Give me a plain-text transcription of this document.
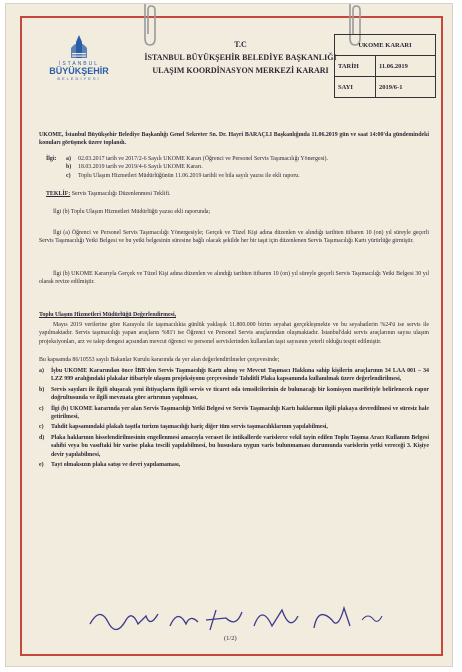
İSTANBUL
BÜYÜKŞEHİR
BELEDİYESİ
T.C
İSTANBUL BÜYÜKŞEHİR BELEDİYE BAŞKANLIĞI
ULAŞIM KOORDİNASYON MERKEZİ KARARI
UKOME KARARI	
TARİH	11.06.2019
SAYI	2019/6-1
UKOME, İstanbul Büyükşehir Belediye Başkanlığı Genel Sekreter Sn. Dr. Hayri BARAÇLI Başkanlığında 11.06.2019 gün ve saat 14:00'da gündemindeki konuları görüşmek üzere toplandı.
İlgi:	a)	02.03.2017 tarih ve 2017/2-6 Sayılı UKOME Kararı (Öğrenci ve Personel Servis Taşımacılığı Yönergesi).
b)	18.03.2019 tarih ve 2019/4-6 Sayılı UKOME Kararı.
c)	Toplu Ulaşım Hizmetleri Müdürlüğünün 11.06.2019 tarihli ve bila sayılı yazısı ile ekli raporu.
TEKLİF: Servis Taşımacılığı Düzenlenmesi Teklifi.
İlgi (b) Toplu Ulaşım Hizmetleri Müdürlüğü yazısı ekli raporunda;
İlgi (a) Öğrenci ve Personel Servis Taşımacılığı Yönergesiyle; Gerçek ve Tüzel Kişi adına düzenlen ve alındığı tarihten itibaren 10 (on) yıl süreyle geçerli Servis Taşımacılığı Yetki Belgesi ve bu yetki belgesinin süresine bağlı olacak şekilde her bir taşıt için düzenlenen Servis Taşımacılığı Kartı yürürlüğe girmiştir.
İlgi (b) UKOME Kararıyla Gerçek ve Tüzel Kişi adına düzenlen ve alındığı tarihten itibaren 10 (on) yıl süreyle geçerli Servis Taşımacılığı Yetki Belgesi 30 yıl olarak revize edilmiştir.
Toplu Ulaşım Hizmetleri Müdürlüğü Değerlendirmesi,
Mayıs 2019 verilerine göre Karayolu ile taşımacılıkta günlük yaklaşık 11.800.000 birim seyahat gerçekleşmekte ve bu seyahatlerin %24'ü ise servis ile yapılmaktadır. Servis taşımacılığı yapan araçların %81'i ise Öğrenci ve Personel Servis araçlarından oluşmaktadır. İstanbul'daki servis araçlarının sayısı ulaşım projeksiyonları, arz ve talep dengesi açısından mevcut öğrenci ve personel servislerinden kullanılan taşıt sayısının yeterli olduğu tespit edilmiştir.
Bu kapsamda 86/10553 sayılı Bakanlar Kurulu kararında da yer alan değerlendirilmeler çerçevesinde;
a)	İşbu UKOME Kararından önce İBB'den Servis Taşımacılığı Kartı almış ve Mevcut Taşımacı Hakkına sahip kişilerin araçlarının 34 LAA 001 – 34 LZZ 999 aralığındaki plakalar itibariyle ulaşım projeksiyonu çerçevesinde Tahditli Plaka kapsamında kullanılmak üzere değerlendirilmesi,
b)	Servis sayıları ile ilgili oluşacak yeni ihtiyaçların ilgili servis ve ticaret oda temsilcilerinin de bulunacağı bir komisyon marifetiyle belirlenecek rapor doğrultusunda ve ilgili mevzuata göre artırımın yapılması,
c)	İlgi (b) UKOME kararında yer alan Servis Taşımacılığı Yetki Belgesi ve Servis Taşımacılığı Kartı haklarının ilgili plakaya devredilmesi ve süresiz hale getirilmesi,
c)	Tahdit kapsamındaki plakalı taşıtla turizm taşımacılığı hariç diğer tüm servis taşımacılıklarının yapılabilmesi,
d)	Plaka haklarının hisselendirilmesinin engellenmesi amacıyla veraset ile intikallerde varislerce vekil tayin edilen Toplu Taşıma Aracı Kullanım Belgesi sahibi veya bu vasıftaki bir varise plaka tescili yapılabilmesi, bu hususlara uygun varis bulunmaması durumunda varislerin yetki vereceği 3. Kişiye devir yapılabilmesi,
e)	Tayt olmaksızın plaka satışı ve devri yapılamaması,
(1/2)
